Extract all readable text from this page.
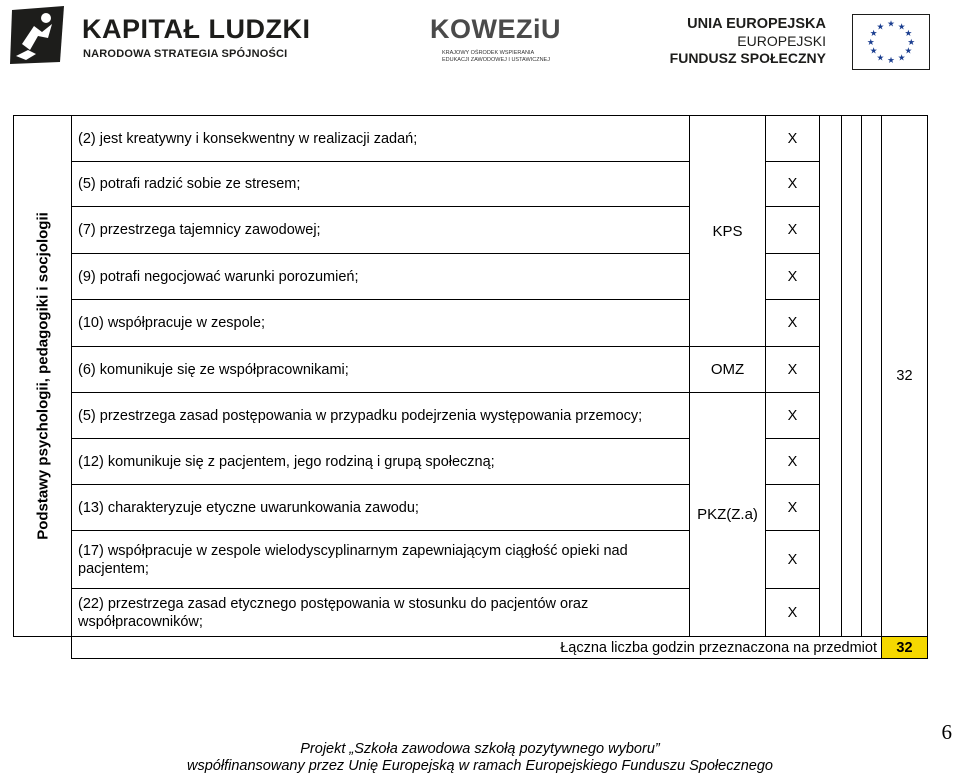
KAPITAŁ LUDZKI
NARODOWA STRATEGIA SPÓJNOŚCI
KOWEZiU
KRAJOWY OŚRODEK WSPIERANIA
EDUKACJI ZAWODOWEJ I USTAWICZNEJ
UNIA EUROPEJSKA
EUROPEJSKI
FUNDUSZ SPOŁECZNY
★ ★
★
★
★
★
★
★
★
★
★
★
Podstawy psychologii, pedagogiki i socjologii	(2) jest kreatywny i konsekwentny w realizacji zadań;	KPS	X				32
	(5) potrafi radzić sobie ze stresem;		X				
	(7) przestrzega tajemnicy zawodowej;		X				
	(9) potrafi negocjować warunki porozumień;		X				
	(10) współpracuje w zespole;		X				
	(6) komunikuje się ze współpracownikami;	OMZ	X				
	(5) przestrzega zasad postępowania w przypadku podejrzenia występowania przemocy;	PKZ(Z.a)	X				
	(12) komunikuje się z pacjentem, jego rodziną i grupą społeczną;		X				
	(13) charakteryzuje etyczne uwarunkowania zawodu;		X				
	(17) współpracuje w zespole wielodyscyplinarnym zapewniającym ciągłość opieki nad pacjentem;		X				
	(22) przestrzega zasad etycznego postępowania w stosunku do pacjentów oraz współpracowników;		X				
	Łączna liczba godzin przeznaczona na przedmiot						32
6
Projekt „Szkoła zawodowa szkołą pozytywnego wyboru”
współfinansowany przez Unię Europejską w ramach Europejskiego Funduszu Społecznego
